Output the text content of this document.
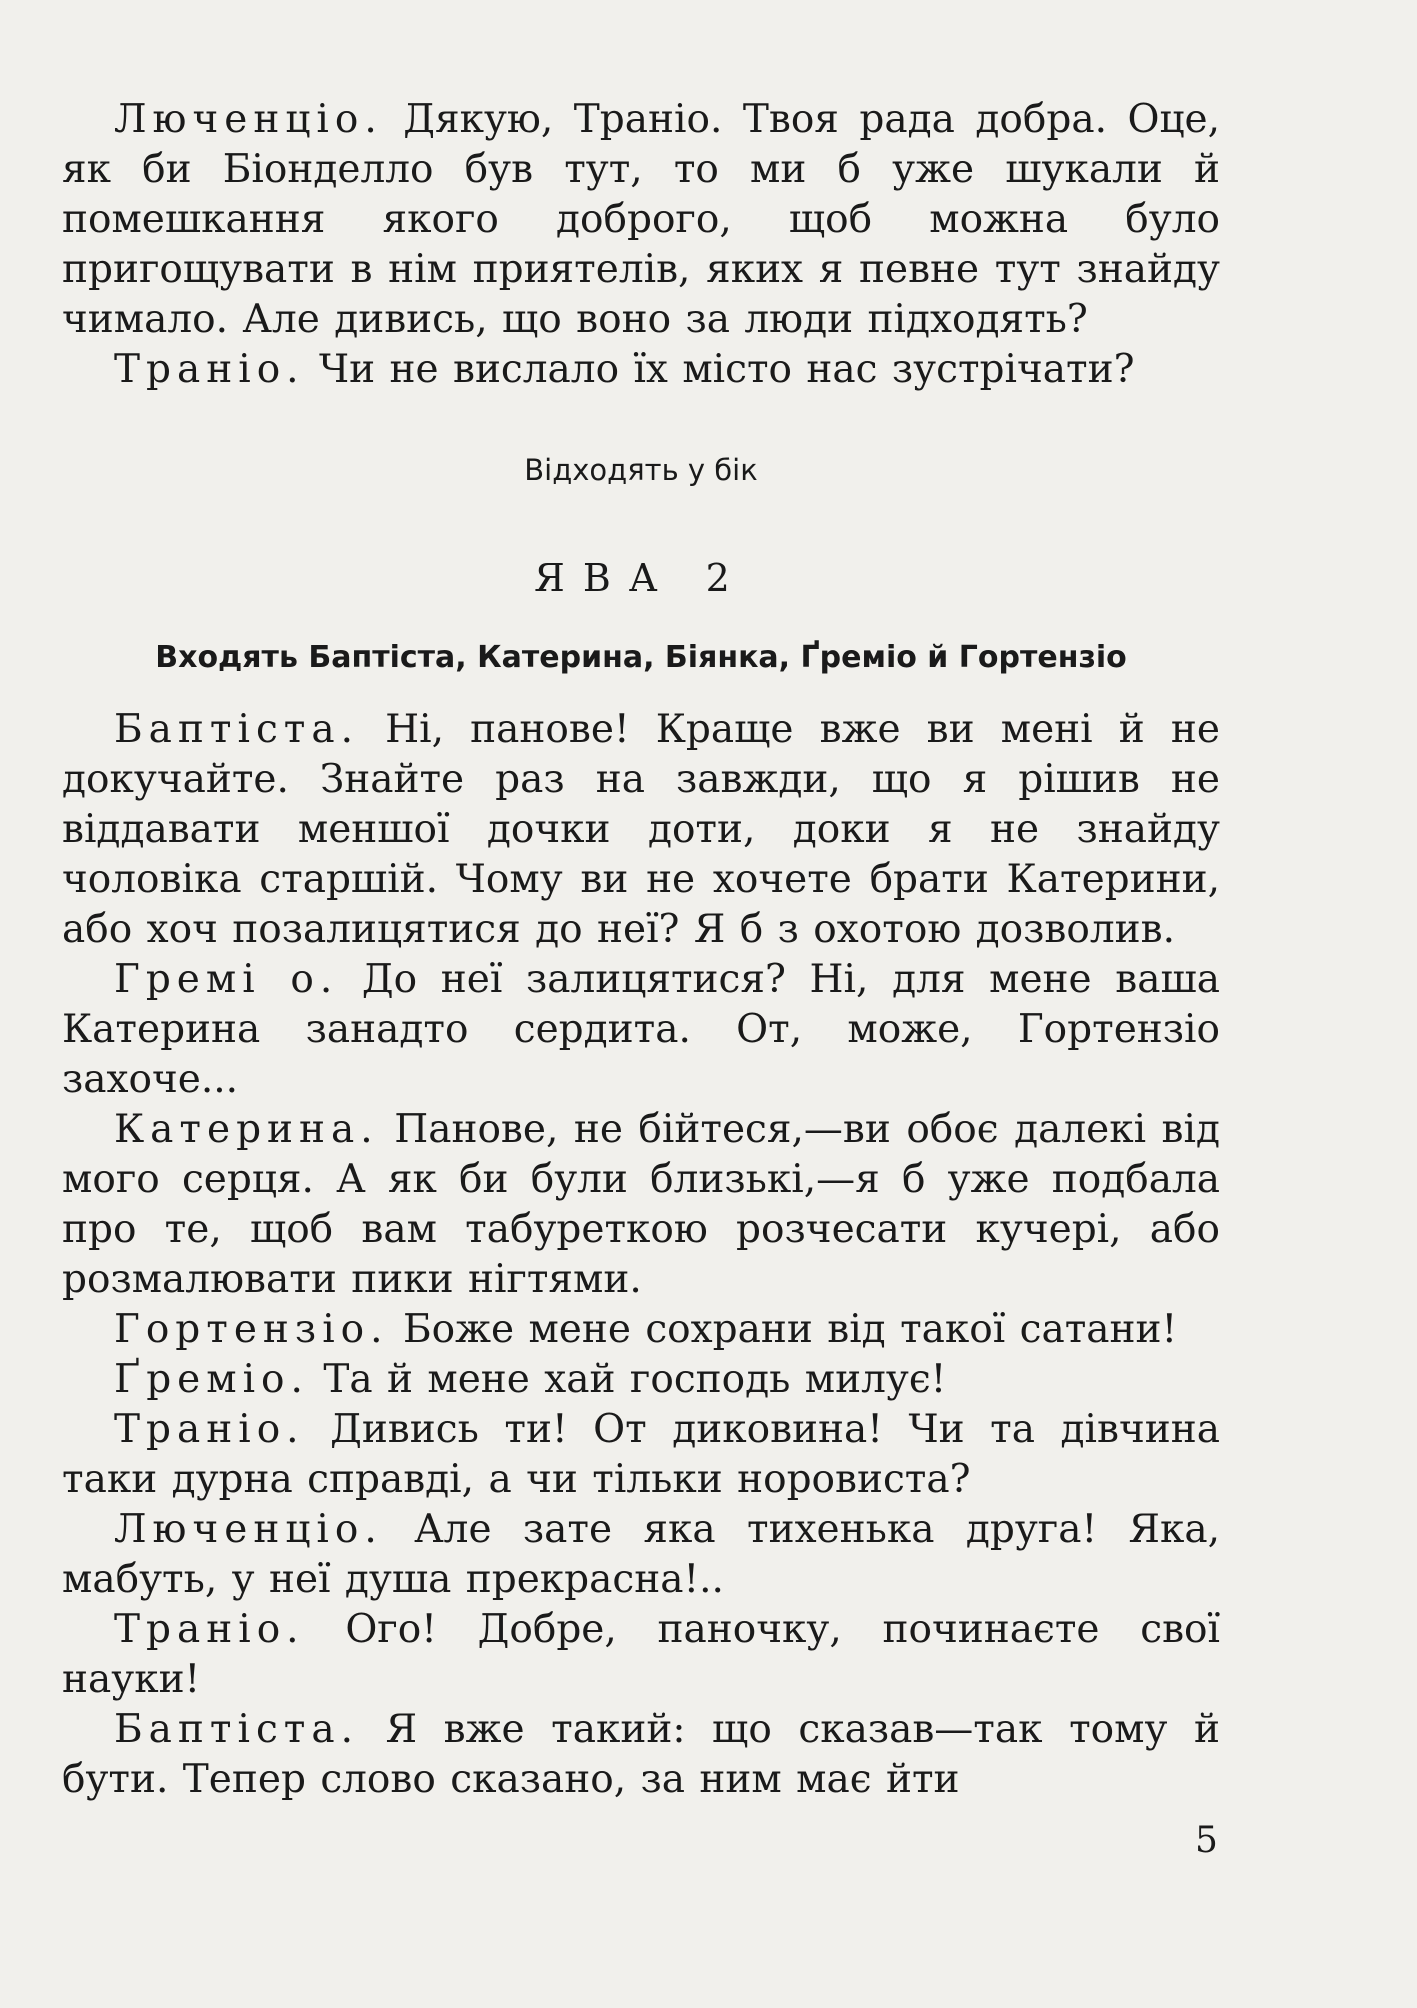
Люченціо. Дякую, Траніо. Твоя рада добра. Оце, як би Біонделло був тут, то ми б уже шукали й помешкання якого доброго, щоб можна було пригощувати в нім приятелів, яких я певне тут знайду чимало. Але дивись, що воно за люди підходять?

Траніо. Чи не вислало їх місто нас зустрічати?

Відходять у бік

ЯВА 2

Входять Баптіста, Катерина, Біянка, Ґреміо й Гортензіо

Баптіста. Ні, панове! Краще вже ви мені й не докучайте. Знайте раз на завжди, що я рішив не віддавати меншої дочки доти, доки я не знайду чоловіка старшій. Чому ви не хочете брати Катерини, або хоч позалицятися до неї? Я б з охотою дозволив.

Гремі о. До неї залицятися? Ні, для мене ваша Катерина занадто сердита. От, може, Гортензіо захоче...

Катерина. Панове, не бійтеся,—ви обоє далекі від мого серця. А як би були близькі,—я б уже подбала про те, щоб вам табуреткою розчесати кучері, або розмалювати пики нігтями.

Гортензіо. Боже мене сохрани від такої сатани!

Ґреміо. Та й мене хай господь милує!

Траніо. Дивись ти! От диковина! Чи та дівчина таки дурна справді, а чи тільки норовиста?

Люченціо. Але зате яка тихенька друга! Яка, мабуть, у неї душа прекрасна!..

Траніо. Ого! Добре, паночку, починаєте свої науки!

Баптіста. Я вже такий: що сказав—так тому й бути. Тепер слово сказано, за ним має йти

5
